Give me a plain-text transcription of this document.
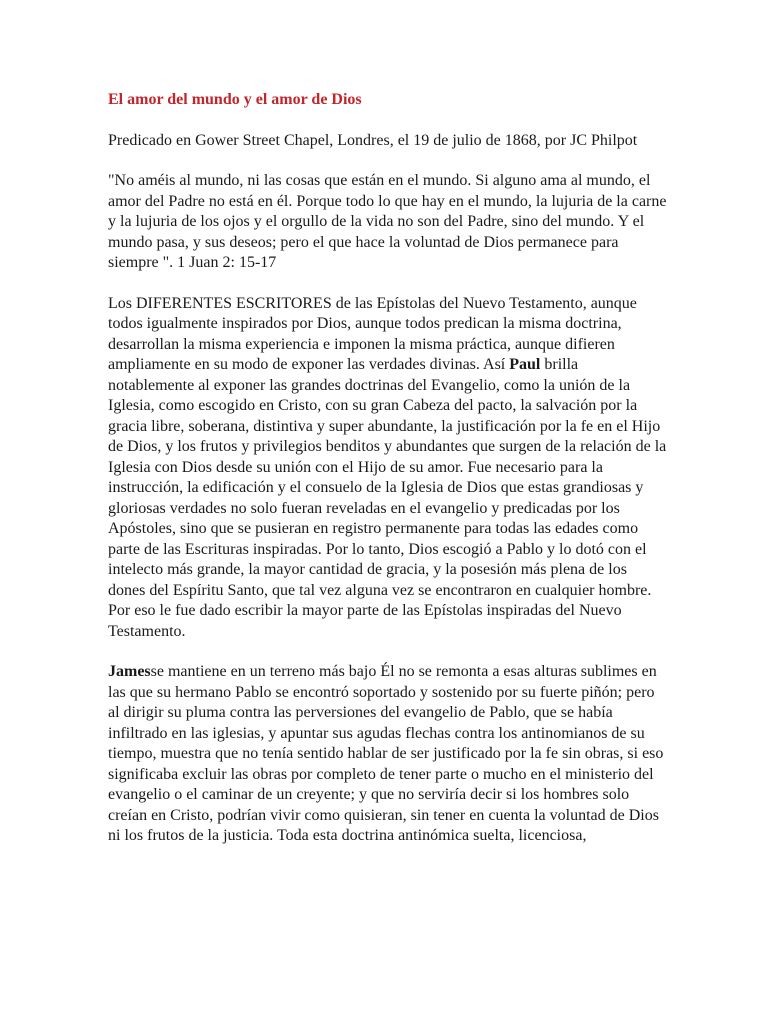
El amor del mundo y el amor de Dios

Predicado en Gower Street Chapel, Londres, el 19 de julio de 1868, por JC Philpot

"No améis al mundo, ni las cosas que están en el mundo. Si alguno ama al mundo, el amor del Padre no está en él. Porque todo lo que hay en el mundo, la lujuria de la carne y la lujuria de los ojos y el orgullo de la vida no son del Padre, sino del mundo. Y el mundo pasa, y sus deseos; pero el que hace la voluntad de Dios permanece para siempre ". 1 Juan 2: 15-17

Los DIFERENTES ESCRITORES de las Epístolas del Nuevo Testamento, aunque todos igualmente inspirados por Dios, aunque todos predican la misma doctrina, desarrollan la misma experiencia e imponen la misma práctica, aunque difieren ampliamente en su modo de exponer las verdades divinas. Así Paul brilla notablemente al exponer las grandes doctrinas del Evangelio, como la unión de la Iglesia, como escogido en Cristo, con su gran Cabeza del pacto, la salvación por la gracia libre, soberana, distintiva y super abundante, la justificación por la fe en el Hijo de Dios, y los frutos y privilegios benditos y abundantes que surgen de la relación de la Iglesia con Dios desde su unión con el Hijo de su amor. Fue necesario para la instrucción, la edificación y el consuelo de la Iglesia de Dios que estas grandiosas y gloriosas verdades no solo fueran reveladas en el evangelio y predicadas por los Apóstoles, sino que se pusieran en registro permanente para todas las edades como parte de las Escrituras inspiradas. Por lo tanto, Dios escogió a Pablo y lo dotó con el intelecto más grande, la mayor cantidad de gracia, y la posesión más plena de los dones del Espíritu Santo, que tal vez alguna vez se encontraron en cualquier hombre. Por eso le fue dado escribir la mayor parte de las Epístolas inspiradas del Nuevo Testamento.

Jamesse mantiene en un terreno más bajo Él no se remonta a esas alturas sublimes en las que su hermano Pablo se encontró soportado y sostenido por su fuerte piñón; pero al dirigir su pluma contra las perversiones del evangelio de Pablo, que se había infiltrado en las iglesias, y apuntar sus agudas flechas contra los antinomianos de su tiempo, muestra que no tenía sentido hablar de ser justificado por la fe sin obras, si eso significaba excluir las obras por completo de tener parte o mucho en el ministerio del evangelio o el caminar de un creyente; y que no serviría decir si los hombres solo creían en Cristo, podrían vivir como quisieran, sin tener en cuenta la voluntad de Dios ni los frutos de la justicia. Toda esta doctrina antinómica suelta, licenciosa,
